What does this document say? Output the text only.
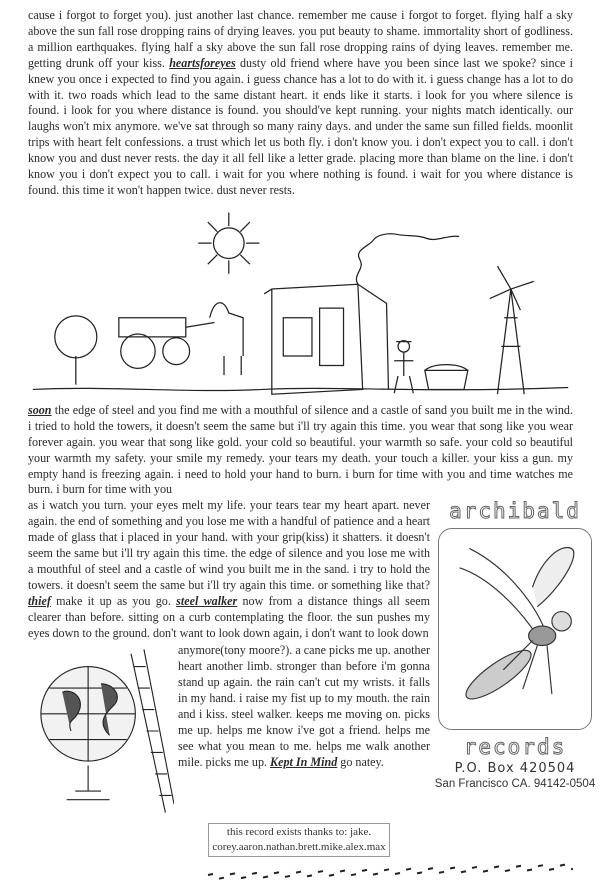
cause i forgot to forget you). just another last chance. remember me cause i forgot to forget. flying half a sky above the sun fall rose dropping rains of drying leaves. you put beauty to shame. immortality short of godliness. a million earthquakes. flying half a sky above the sun fall rose dropping rains of dying leaves. remember me. getting drunk off your kiss. heartsforeyes dusty old friend where have you been since last we spoke? since i knew you once i expected to find you again. i guess chance has a lot to do with it. i guess change has a lot to do with it. two roads which lead to the same distant heart. it ends like it starts. i look for you where silence is found. i look for you where distance is found. you should've kept running. your nights match identically. our laughs won't mix anymore. we've sat through so many rainy days. and under the same sun filled fields. moonlit trips with heart felt confessions. a trust which let us both fly. i don't know you. i don't expect you to call. i don't know you and dust never rests. the day it all fell like a letter grade. placing more than blame on the line. i don't know you i don't expect you to call. i wait for you where nothing is found. i wait for you where distance is found. this time it won't happen twice. dust never rests.
soon the edge of steel and you find me with a mouthful of silence and a castle of sand you built me in the wind. i tried to hold the towers, it doesn't seem the same but i'll try again this time. you wear that song like you wear forever again. you wear that song like gold. your cold so beautiful. your warmth so safe. your cold so beautiful your warmth my safety. your smile my remedy. your tears my death. your touch a killer. your kiss a gun. my empty hand is freezing again. i need to hold your hand to burn. i burn for time with you and time watches me burn. i burn for time with you
as i watch you turn. your eyes melt my life. your tears tear my heart apart. never again. the end of something and you lose me with a handful of patience and a heart made of glass that i placed in your hand. with your grip(kiss) it shatters. it doesn't seem the same but i'll try again this time. the edge of silence and you lose me with a mouthful of steel and a castle of wind you built me in the sand. i try to hold the towers. it doesn't seem the same but i'll try again this time. or something like that? thief make it up as you go. steel walker now from a distance things all seem clearer than before. sitting on a curb contemplating the floor. the sun pushes my eyes down to the ground. don't want to look down again, i don't want to look down
anymore(tony moore?). a cane picks me up. another heart another limb. stronger than before i'm gonna stand up again. the rain can't cut my wrists. it falls in my hand. i raise my fist up to my mouth. the rain and i kiss. steel walker. keeps me moving on. picks me up. helps me know i've got a friend. helps me see what you mean to me. helps me walk another mile. picks me up. Kept In Mind go natey.
this record exists thanks to: jake.
corey.aaron.nathan.brett.mike.alex.max
archibald
records
P.O. Box 420504
San Francisco CA. 94142-0504
